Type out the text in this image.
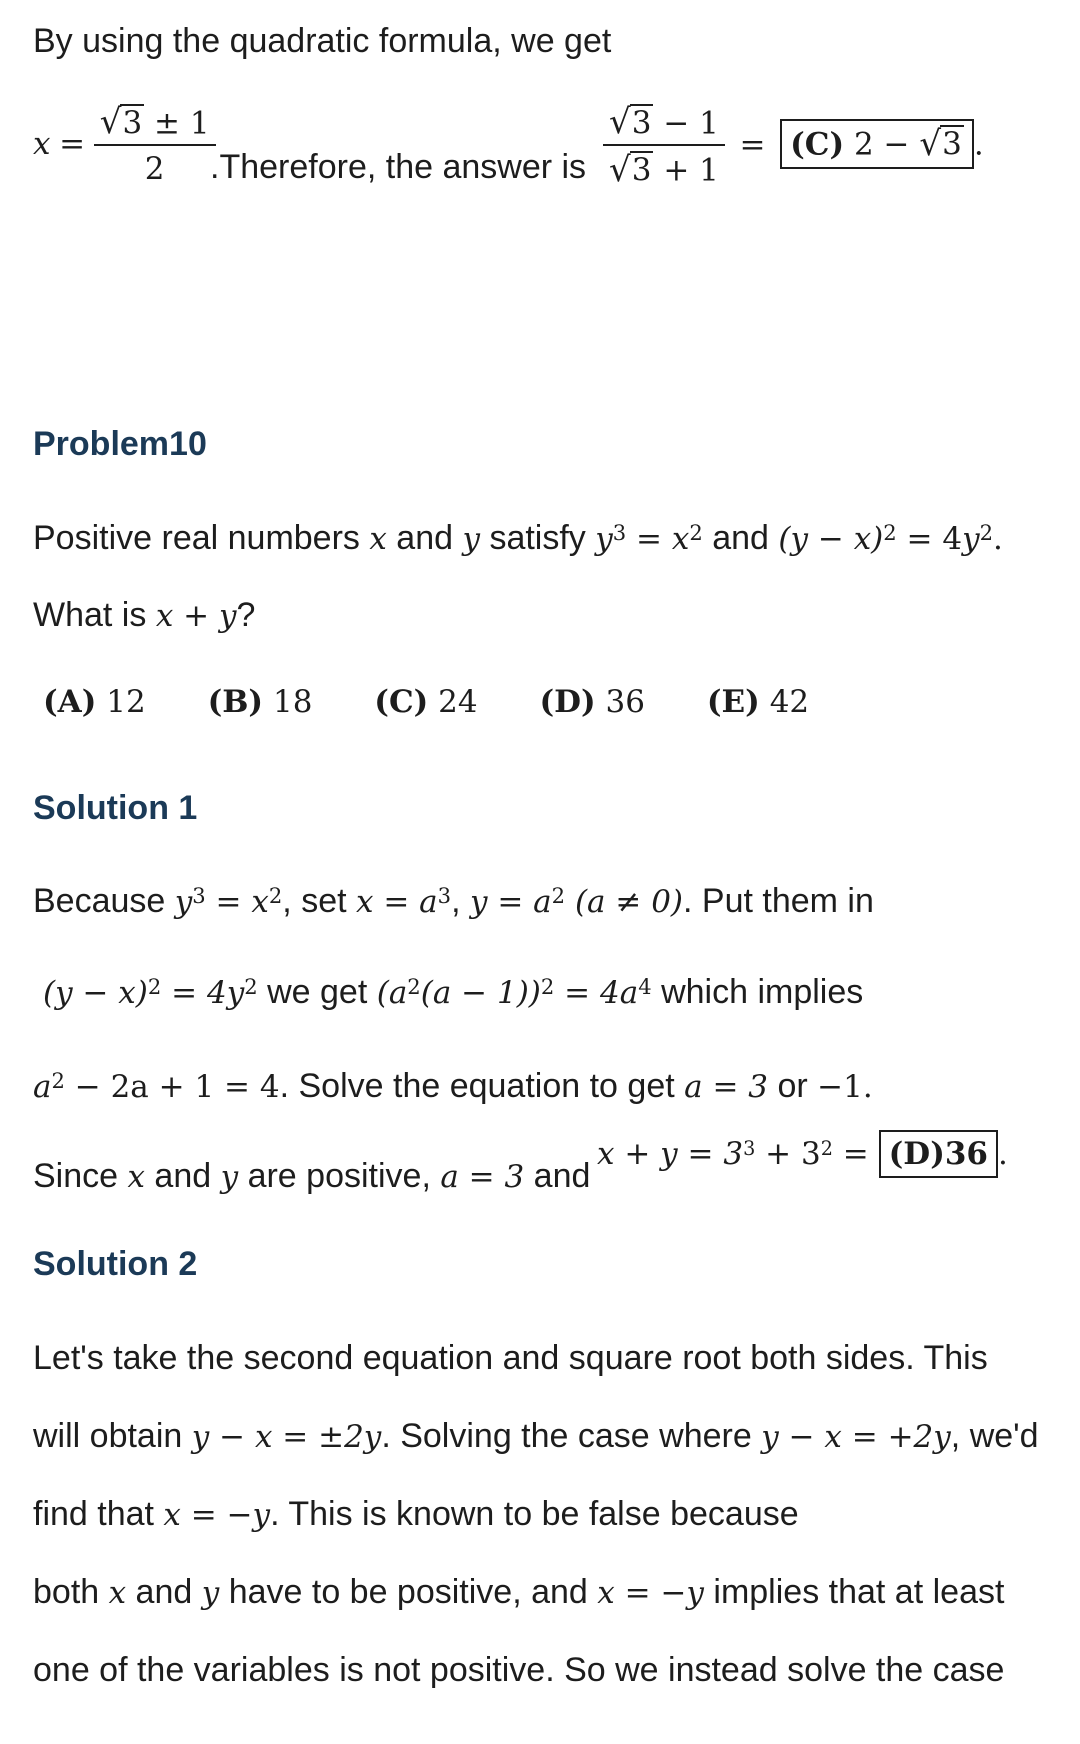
By using the quadratic formula, we get
$x = \frac{√ 3 \pm 1}{2}$
.Therefore, the answer is $\frac{√ 3 - 1}{√ 3 + 1} = (C) 2$ − √ 3 .
Problem10
Positive real numbers x and y satisfy $y^3 = x^2$ and $(y - x)^2 = 4y^2$.
What is x + y?
(A) 12 (B) 18 (C) 24 (D) 36 (E) 42
Solution 1
Because $y^3 = x^2$, set $x = a^3$, $y = a^2$ (a ≠ 0). Put them in
$(y - x)^2 = 4y^2$ we get $(a^2(a - 1))^2 = 4a^4$ which implies
$a^2 - 2a + 1 = 4$. Solve the equation to get a = 3 or −1.
Since x and y are positive, a = 3 and
$x + y = 3^3 + 3^2 = (D)36$ .
Solution 2
Let's take the second equation and square root both sides. This
will obtain y − x = ±2y. Solving the case where y − x = +2y, we'd
find that x = −y. This is known to be false because
both x and y have to be positive, and x = −y implies that at least
one of the variables is not positive. So we instead solve the case
